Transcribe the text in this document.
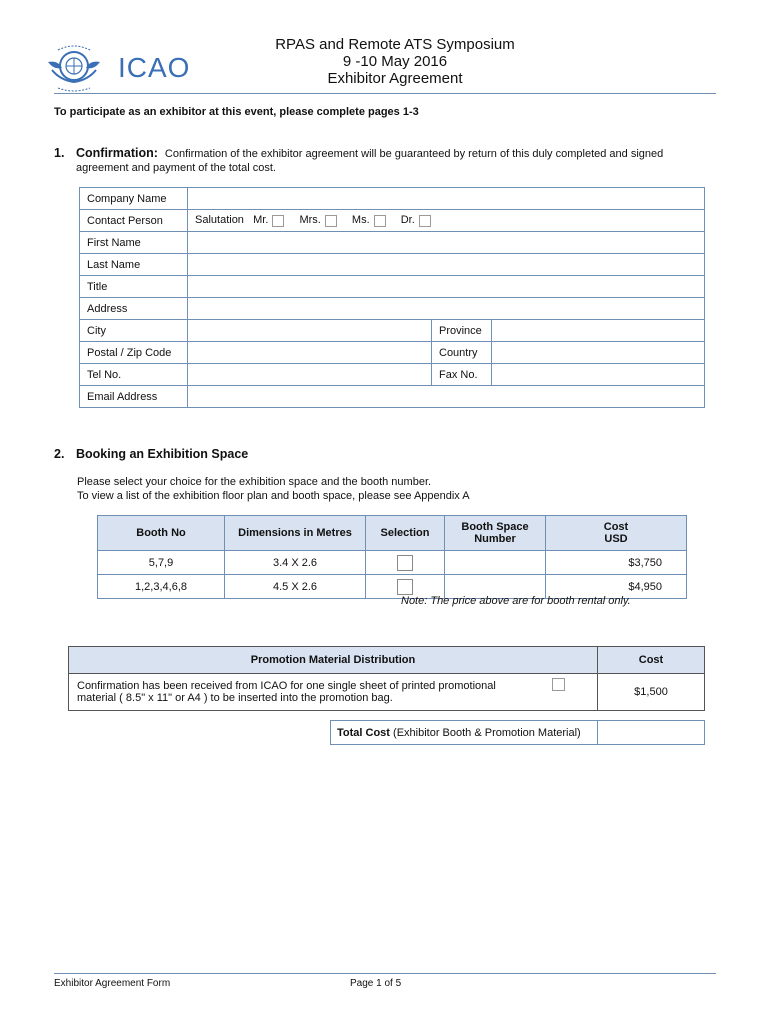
ICAO
RPAS and Remote ATS Symposium
9 -10 May 2016
Exhibitor Agreement
To participate as an exhibitor at this event, please complete pages 1-3
1. Confirmation: Confirmation of the exhibitor agreement will be guaranteed by return of this duly completed and signed
agreement and payment of the total cost.
Company Name			
Contact Person	Salutation Mr. Mrs. Ms. Dr.		
First Name			
Last Name			
Title			
Address			
City		Province	
Postal / Zip Code		Country	
Tel No.		Fax No.	
Email Address			
2. Booking an Exhibition Space
Please select your choice for the exhibition space and the booth number.
To view a list of the exhibition floor plan and booth space, please see Appendix A
Booth No	Dimensions in Metres	Selection	Booth Space Number	Cost USD
5,7,9	3.4 X 2.6			$3,750
1,2,3,4,6,8	4.5 X 2.6			$4,950
Note: The price above are for booth rental only.
Promotion Material Distribution	Cost

Confirmation has been received from ICAO for one single sheet of printed promotional
material ( 8.5" x 11" or A4 ) to be inserted into the promotion bag.	$1,500
Total Cost (Exhibitor Booth & Promotion Material)	
Exhibitor Agreement Form	Page 1 of 5
